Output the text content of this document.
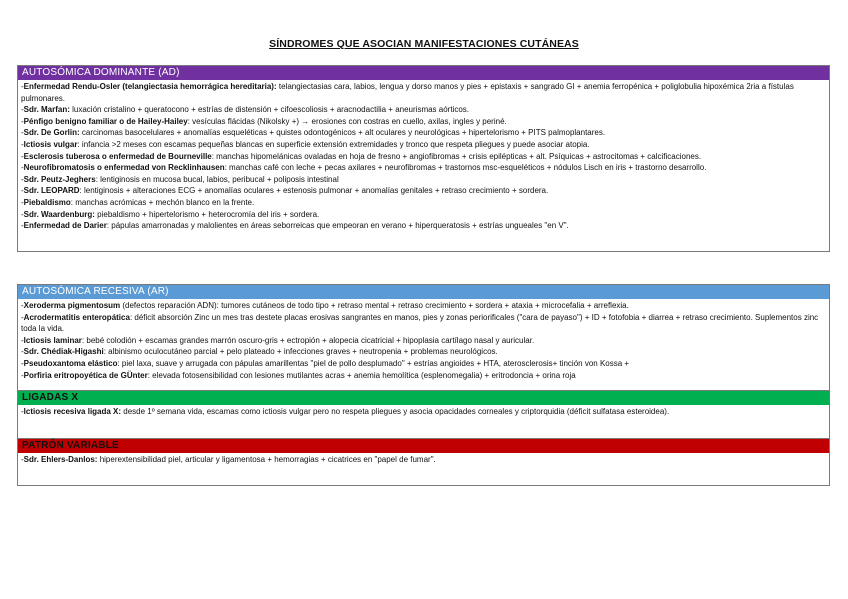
SÍNDROMES QUE ASOCIAN MANIFESTACIONES CUTÁNEAS
AUTOSÓMICA DOMINANTE (AD)
-Enfermedad Rendu-Osler (telangiectasia hemorrágica hereditaria): telangiectasias cara, labios, lengua y dorso manos y pies + epistaxis + sangrado GI + anemia ferropénica + poliglobulia hipoxémica 2ria a fístulas pulmonares.
-Sdr. Marfan: luxación cristalino + queratocono + estrías de distensión + cifoescoliosis + aracnodactilia + aneurismas aórticos.
-Pénfigo benigno familiar o de Hailey-Hailey: vesículas flácidas (Nikolsky +) → erosiones con costras en cuello, axilas, ingles y periné.
-Sdr. De Gorlin: carcinomas basocelulares + anomalías esqueléticas + quistes odontogénicos + alt oculares y neurológicas + hipertelorismo + PITS palmoplantares.
-Ictiosis vulgar: infancia >2 meses con escamas pequeñas blancas en superficie extensión extremidades y tronco que respeta pliegues y puede asociar atopia.
-Esclerosis tuberosa o enfermedad de Bourneville: manchas hipomelánicas ovaladas en hoja de fresno + angiofibromas + crisis epilépticas + alt. Psíquicas + astrocitomas + calcificaciones.
-Neurofibromatosis o enfermedad von Recklinhausen: manchas café con leche + pecas axilares + neurofibromas + trastornos msc-esqueléticos + nódulos Lisch en iris + trastorno desarrollo.
-Sdr. Peutz-Jeghers: lentiginosis en mucosa bucal, labios, peribucal + poliposis intestinal
-Sdr. LEOPARD: lentiginosis + alteraciones ECG + anomalías oculares + estenosis pulmonar + anomalías genitales + retraso crecimiento + sordera.
-Piebaldismo: manchas acrómicas + mechón blanco en la frente.
-Sdr. Waardenburg: piebaldismo + hipertelorismo + heterocromía del iris + sordera.
-Enfermedad de Darier: pápulas amarronadas y malolientes en áreas seborreicas que empeoran en verano + hiperqueratosis + estrías ungueales "en V".
AUTOSÓMICA RECESIVA (AR)
-Xeroderma pigmentosum (defectos reparación ADN): tumores cutáneos de todo tipo + retraso mental + retraso crecimiento + sordera + ataxia + microcefalia + arreflexia.
-Acrodermatitis enteropática: déficit absorción Zinc un mes tras destete placas erosivas sangrantes en manos, pies y zonas periorificales ("cara de payaso") + ID + fotofobia + diarrea + retraso crecimiento. Suplementos zinc toda la vida.
-Ictiosis laminar: bebé colodión + escamas grandes marrón oscuro-gris + ectropión + alopecia cicatricial + hipoplasia cartílago nasal y auricular.
-Sdr. Chédiak-Higashi: albinismo oculocutáneo parcial + pelo plateado + infecciones graves + neutropenia + problemas neurológicos.
-Pseudoxantoma elástico: piel laxa, suave y arrugada con pápulas amarillentas "piel de pollo desplumado" + estrías angioides + HTA, aterosclerosis+ tinción von Kossa +
-Porfiria eritropoyética de GÜnter: elevada fotosensibilidad con lesiones mutilantes acras + anemia hemolítica (esplenomegalia) + eritrodoncia + orina roja
LIGADAS X
-Ictiosis recesiva ligada X: desde 1º semana vida, escamas como ictiosis vulgar pero no respeta pliegues y asocia opacidades corneales y criptorquidia (déficit sulfatasa esteroidea).
PATRÓN VARIABLE
-Sdr. Ehlers-Danlos: hiperextensibilidad piel, articular y ligamentosa + hemorragias + cicatrices en "papel de fumar".
